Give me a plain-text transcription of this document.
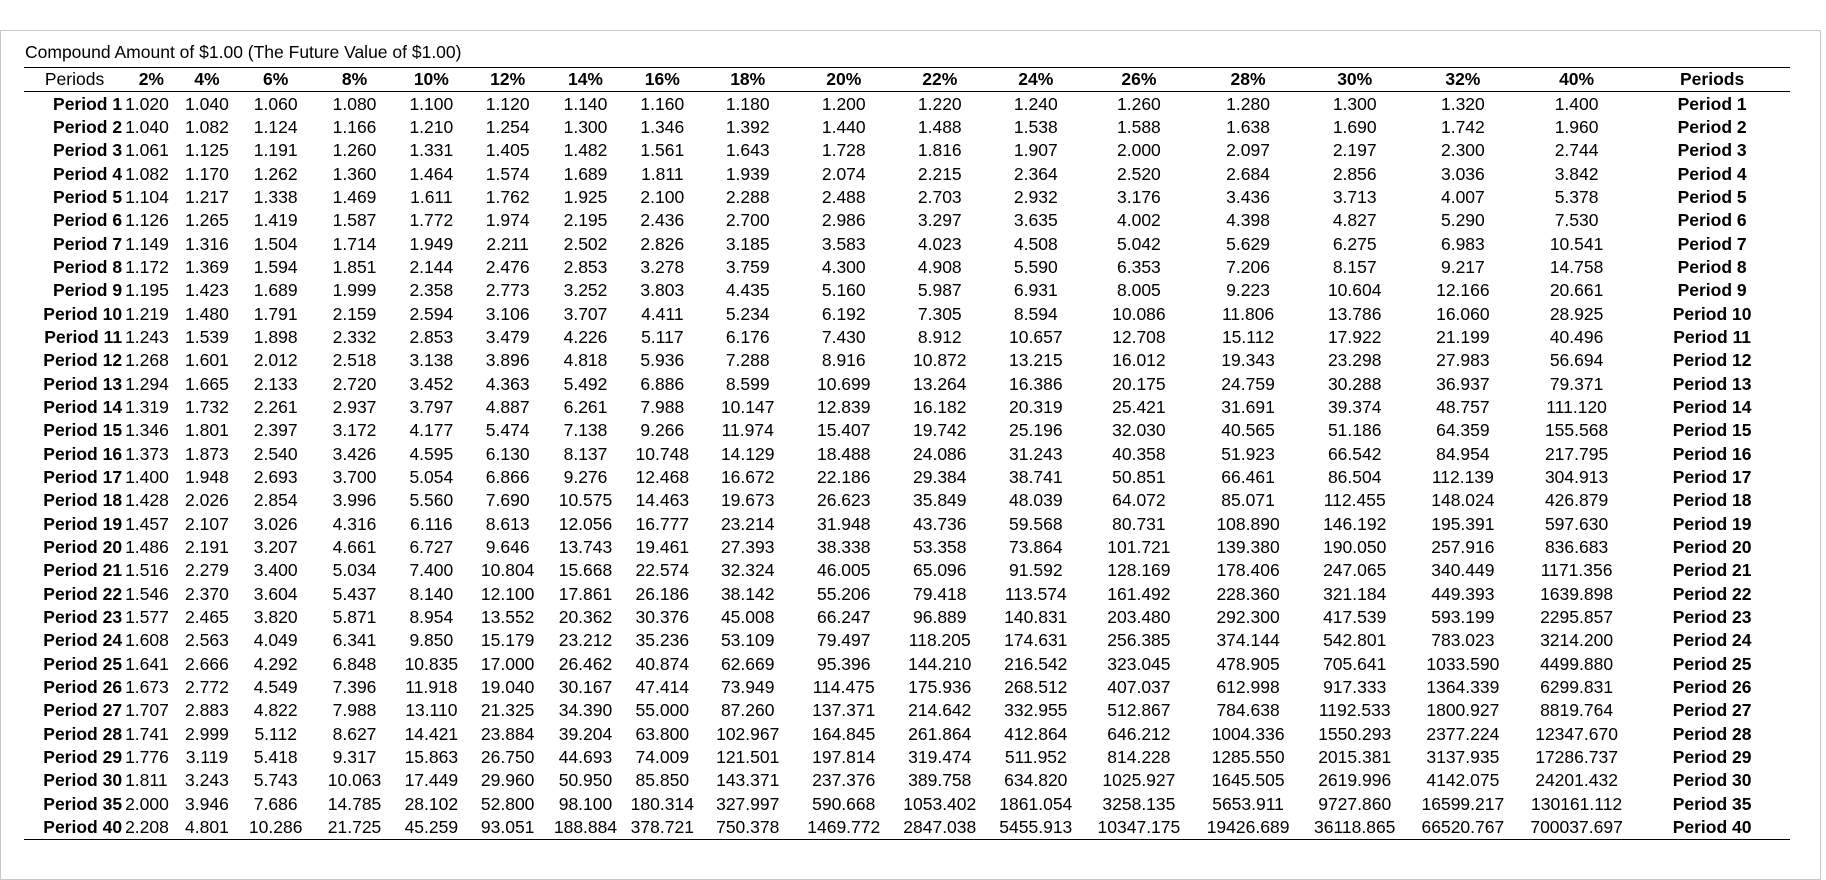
Compound Amount of $1.00 (The Future Value of $1.00)
Periods	2%	4%	6%	8%	10%	12%	14%	16%	18%	20%	22%	24%	26%	28%	30%	32%	40%	Periods
Period 1	1.020	1.040	1.060	1.080	1.100	1.120	1.140	1.160	1.180	1.200	1.220	1.240	1.260	1.280	1.300	1.320	1.400	Period 1
Period 2	1.040	1.082	1.124	1.166	1.210	1.254	1.300	1.346	1.392	1.440	1.488	1.538	1.588	1.638	1.690	1.742	1.960	Period 2
Period 3	1.061	1.125	1.191	1.260	1.331	1.405	1.482	1.561	1.643	1.728	1.816	1.907	2.000	2.097	2.197	2.300	2.744	Period 3
Period 4	1.082	1.170	1.262	1.360	1.464	1.574	1.689	1.811	1.939	2.074	2.215	2.364	2.520	2.684	2.856	3.036	3.842	Period 4
Period 5	1.104	1.217	1.338	1.469	1.611	1.762	1.925	2.100	2.288	2.488	2.703	2.932	3.176	3.436	3.713	4.007	5.378	Period 5
Period 6	1.126	1.265	1.419	1.587	1.772	1.974	2.195	2.436	2.700	2.986	3.297	3.635	4.002	4.398	4.827	5.290	7.530	Period 6
Period 7	1.149	1.316	1.504	1.714	1.949	2.211	2.502	2.826	3.185	3.583	4.023	4.508	5.042	5.629	6.275	6.983	10.541	Period 7
Period 8	1.172	1.369	1.594	1.851	2.144	2.476	2.853	3.278	3.759	4.300	4.908	5.590	6.353	7.206	8.157	9.217	14.758	Period 8
Period 9	1.195	1.423	1.689	1.999	2.358	2.773	3.252	3.803	4.435	5.160	5.987	6.931	8.005	9.223	10.604	12.166	20.661	Period 9
Period 10	1.219	1.480	1.791	2.159	2.594	3.106	3.707	4.411	5.234	6.192	7.305	8.594	10.086	11.806	13.786	16.060	28.925	Period 10
Period 11	1.243	1.539	1.898	2.332	2.853	3.479	4.226	5.117	6.176	7.430	8.912	10.657	12.708	15.112	17.922	21.199	40.496	Period 11
Period 12	1.268	1.601	2.012	2.518	3.138	3.896	4.818	5.936	7.288	8.916	10.872	13.215	16.012	19.343	23.298	27.983	56.694	Period 12
Period 13	1.294	1.665	2.133	2.720	3.452	4.363	5.492	6.886	8.599	10.699	13.264	16.386	20.175	24.759	30.288	36.937	79.371	Period 13
Period 14	1.319	1.732	2.261	2.937	3.797	4.887	6.261	7.988	10.147	12.839	16.182	20.319	25.421	31.691	39.374	48.757	111.120	Period 14
Period 15	1.346	1.801	2.397	3.172	4.177	5.474	7.138	9.266	11.974	15.407	19.742	25.196	32.030	40.565	51.186	64.359	155.568	Period 15
Period 16	1.373	1.873	2.540	3.426	4.595	6.130	8.137	10.748	14.129	18.488	24.086	31.243	40.358	51.923	66.542	84.954	217.795	Period 16
Period 17	1.400	1.948	2.693	3.700	5.054	6.866	9.276	12.468	16.672	22.186	29.384	38.741	50.851	66.461	86.504	112.139	304.913	Period 17
Period 18	1.428	2.026	2.854	3.996	5.560	7.690	10.575	14.463	19.673	26.623	35.849	48.039	64.072	85.071	112.455	148.024	426.879	Period 18
Period 19	1.457	2.107	3.026	4.316	6.116	8.613	12.056	16.777	23.214	31.948	43.736	59.568	80.731	108.890	146.192	195.391	597.630	Period 19
Period 20	1.486	2.191	3.207	4.661	6.727	9.646	13.743	19.461	27.393	38.338	53.358	73.864	101.721	139.380	190.050	257.916	836.683	Period 20
Period 21	1.516	2.279	3.400	5.034	7.400	10.804	15.668	22.574	32.324	46.005	65.096	91.592	128.169	178.406	247.065	340.449	1171.356	Period 21
Period 22	1.546	2.370	3.604	5.437	8.140	12.100	17.861	26.186	38.142	55.206	79.418	113.574	161.492	228.360	321.184	449.393	1639.898	Period 22
Period 23	1.577	2.465	3.820	5.871	8.954	13.552	20.362	30.376	45.008	66.247	96.889	140.831	203.480	292.300	417.539	593.199	2295.857	Period 23
Period 24	1.608	2.563	4.049	6.341	9.850	15.179	23.212	35.236	53.109	79.497	118.205	174.631	256.385	374.144	542.801	783.023	3214.200	Period 24
Period 25	1.641	2.666	4.292	6.848	10.835	17.000	26.462	40.874	62.669	95.396	144.210	216.542	323.045	478.905	705.641	1033.590	4499.880	Period 25
Period 26	1.673	2.772	4.549	7.396	11.918	19.040	30.167	47.414	73.949	114.475	175.936	268.512	407.037	612.998	917.333	1364.339	6299.831	Period 26
Period 27	1.707	2.883	4.822	7.988	13.110	21.325	34.390	55.000	87.260	137.371	214.642	332.955	512.867	784.638	1192.533	1800.927	8819.764	Period 27
Period 28	1.741	2.999	5.112	8.627	14.421	23.884	39.204	63.800	102.967	164.845	261.864	412.864	646.212	1004.336	1550.293	2377.224	12347.670	Period 28
Period 29	1.776	3.119	5.418	9.317	15.863	26.750	44.693	74.009	121.501	197.814	319.474	511.952	814.228	1285.550	2015.381	3137.935	17286.737	Period 29
Period 30	1.811	3.243	5.743	10.063	17.449	29.960	50.950	85.850	143.371	237.376	389.758	634.820	1025.927	1645.505	2619.996	4142.075	24201.432	Period 30
Period 35	2.000	3.946	7.686	14.785	28.102	52.800	98.100	180.314	327.997	590.668	1053.402	1861.054	3258.135	5653.911	9727.860	16599.217	130161.112	Period 35
Period 40	2.208	4.801	10.286	21.725	45.259	93.051	188.884	378.721	750.378	1469.772	2847.038	5455.913	10347.175	19426.689	36118.865	66520.767	700037.697	Period 40
